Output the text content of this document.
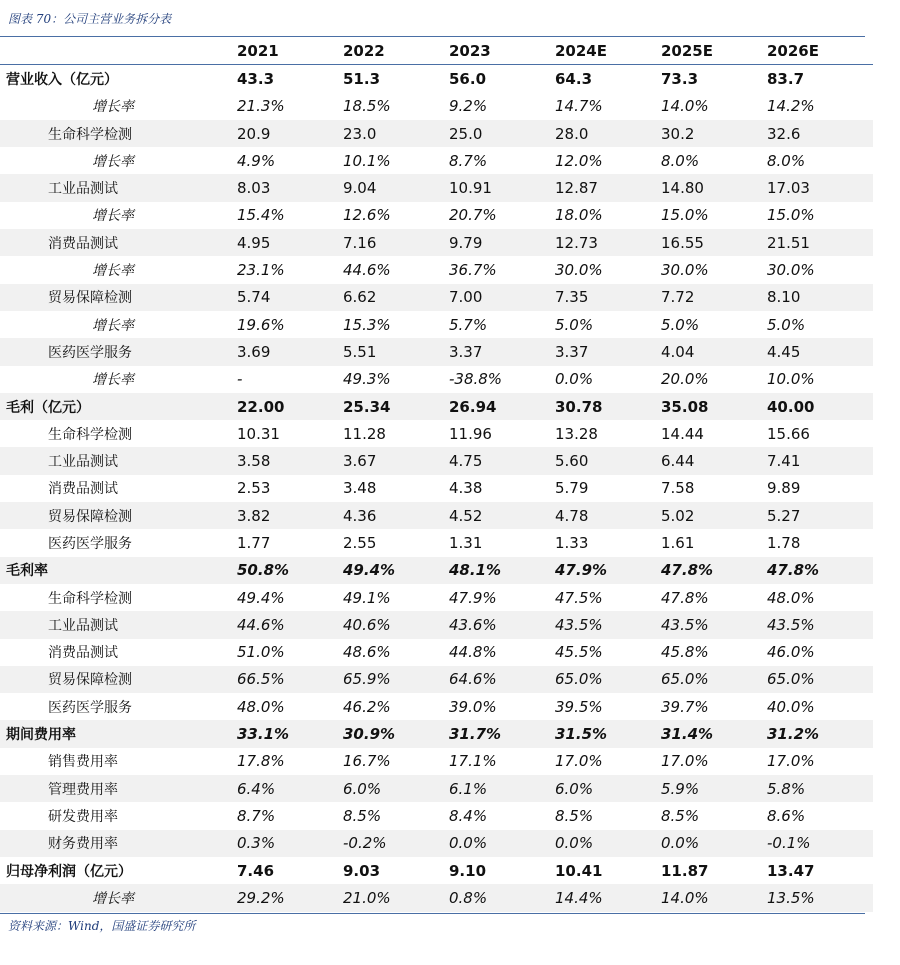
图表 70：公司主营业务拆分表
	2021	2022	2023	2024E	2025E	2026E
营业收入（亿元）	43.3	51.3	56.0	64.3	73.3	83.7
增长率	21.3%	18.5%	9.2%	14.7%	14.0%	14.2%
生命科学检测	20.9	23.0	25.0	28.0	30.2	32.6
增长率	4.9%	10.1%	8.7%	12.0%	8.0%	8.0%
工业品测试	8.03	9.04	10.91	12.87	14.80	17.03
增长率	15.4%	12.6%	20.7%	18.0%	15.0%	15.0%
消费品测试	4.95	7.16	9.79	12.73	16.55	21.51
增长率	23.1%	44.6%	36.7%	30.0%	30.0%	30.0%
贸易保障检测	5.74	6.62	7.00	7.35	7.72	8.10
增长率	19.6%	15.3%	5.7%	5.0%	5.0%	5.0%
医药医学服务	3.69	5.51	3.37	3.37	4.04	4.45
增长率	-	49.3%	-38.8%	0.0%	20.0%	10.0%
毛利（亿元）	22.00	25.34	26.94	30.78	35.08	40.00
生命科学检测	10.31	11.28	11.96	13.28	14.44	15.66
工业品测试	3.58	3.67	4.75	5.60	6.44	7.41
消费品测试	2.53	3.48	4.38	5.79	7.58	9.89
贸易保障检测	3.82	4.36	4.52	4.78	5.02	5.27
医药医学服务	1.77	2.55	1.31	1.33	1.61	1.78
毛利率	50.8%	49.4%	48.1%	47.9%	47.8%	47.8%
生命科学检测	49.4%	49.1%	47.9%	47.5%	47.8%	48.0%
工业品测试	44.6%	40.6%	43.6%	43.5%	43.5%	43.5%
消费品测试	51.0%	48.6%	44.8%	45.5%	45.8%	46.0%
贸易保障检测	66.5%	65.9%	64.6%	65.0%	65.0%	65.0%
医药医学服务	48.0%	46.2%	39.0%	39.5%	39.7%	40.0%
期间费用率	33.1%	30.9%	31.7%	31.5%	31.4%	31.2%
销售费用率	17.8%	16.7%	17.1%	17.0%	17.0%	17.0%
管理费用率	6.4%	6.0%	6.1%	6.0%	5.9%	5.8%
研发费用率	8.7%	8.5%	8.4%	8.5%	8.5%	8.6%
财务费用率	0.3%	-0.2%	0.0%	0.0%	0.0%	-0.1%
归母净利润（亿元）	7.46	9.03	9.10	10.41	11.87	13.47
增长率	29.2%	21.0%	0.8%	14.4%	14.0%	13.5%
资料来源：Wind，国盛证券研究所
